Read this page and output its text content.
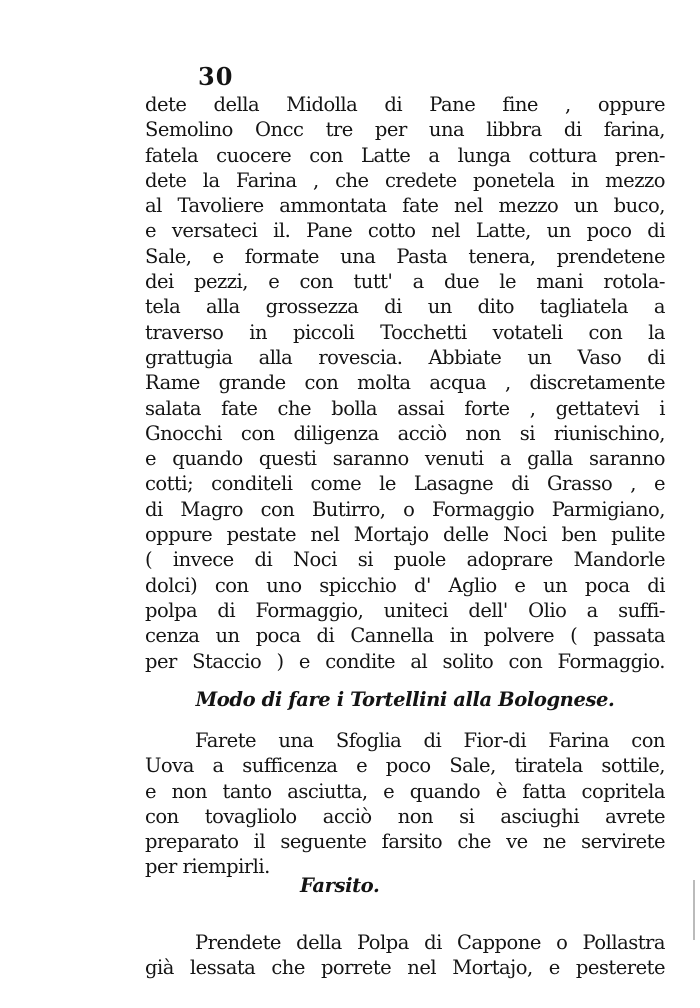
30
dete della Midolla di Pane fine , oppure
Semolino Oncc tre per una libbra di farina,
fatela cuocere con Latte a lunga cottura pren-
dete la Farina , che credete ponetela in mezzo
al Tavoliere ammontata fate nel mezzo un buco,
e versateci il. Pane cotto nel Latte, un poco di
Sale, e formate una Pasta tenera, prendetene
dei pezzi, e con tutt' a due le mani rotola-
tela alla grossezza di un dito tagliatela a
traverso in piccoli Tocchetti votateli con la
grattugia alla rovescia. Abbiate un Vaso di
Rame grande con molta acqua , discretamente
salata fate che bolla assai forte , gettatevi i
Gnocchi con diligenza acciò non si riunischino,
e quando questi saranno venuti a galla saranno
cotti; conditeli come le Lasagne di Grasso , e
di Magro con Butirro, o Formaggio Parmigiano,
oppure pestate nel Mortajo delle Noci ben pulite
( invece di Noci si puole adoprare Mandorle
dolci) con uno spicchio d' Aglio e un poca di
polpa di Formaggio, uniteci dell' Olio a suffi-
cenza un poca di Cannella in polvere ( passata
per Staccio ) e condite al solito con Formaggio.
Modo di fare i Tortellini alla Bolognese.
Farete una Sfoglia di Fior-di Farina con
Uova a sufficenza e poco Sale, tiratela sottile,
e non tanto asciutta, e quando è fatta copritela
con tovagliolo acciò non si asciughi avrete
preparato il seguente farsito che ve ne servirete
per riempirli.
Farsito.
Prendete della Polpa di Cappone o Pollastra
già lessata che porrete nel Mortajo, e pesterete
